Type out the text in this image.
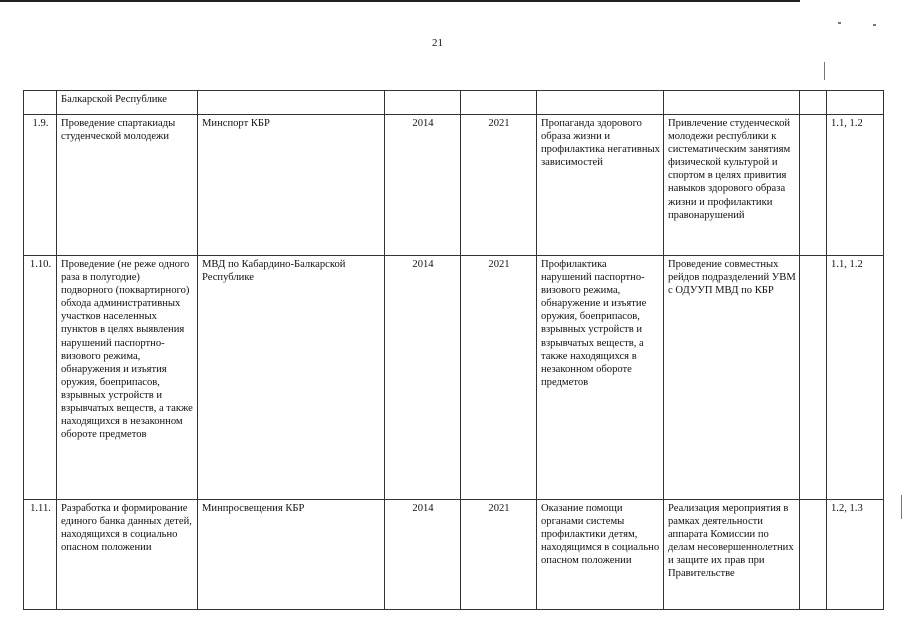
21
	Балкарской Республике							
1.9.	Проведение спартакиады студенческой молодежи	Минспорт КБР	2014	2021	Пропаганда здорового образа жизни и профилактика негативных зависимостей	Привлечение студенческой молодежи республики к систематическим занятиям физической культурой и спортом в целях привития навыков здорового образа жизни и профилактики правонарушений		1.1, 1.2
1.10.	Проведение (не реже одного раза в полугодие) подворного (поквартирного) обхода административных участков населенных пунктов в целях выявления нарушений паспортно-визового режима, обнаружения и изъятия оружия, боеприпасов, взрывных устройств и взрывчатых веществ, а также находящихся в незаконном обороте предметов	МВД по Кабардино-Балкарской Республике	2014	2021	Профилактика нарушений паспортно-визового режима, обнаружение и изъятие оружия, боеприпасов, взрывных устройств и взрывчатых веществ, а также находящихся в незаконном обороте предметов	Проведение совместных рейдов подразделений УВМ с ОДУУП МВД по КБР		1.1, 1.2
1.11.	Разработка и формирование единого банка данных детей, находящихся в социально опасном положении	Минпросвещения КБР	2014	2021	Оказание помощи органами системы профилактики детям, находящимся в социально опасном положении	Реализация мероприятия в рамках деятельности аппарата Комиссии по делам несовершеннолетних и защите их прав при Правительстве		1.2, 1.3
